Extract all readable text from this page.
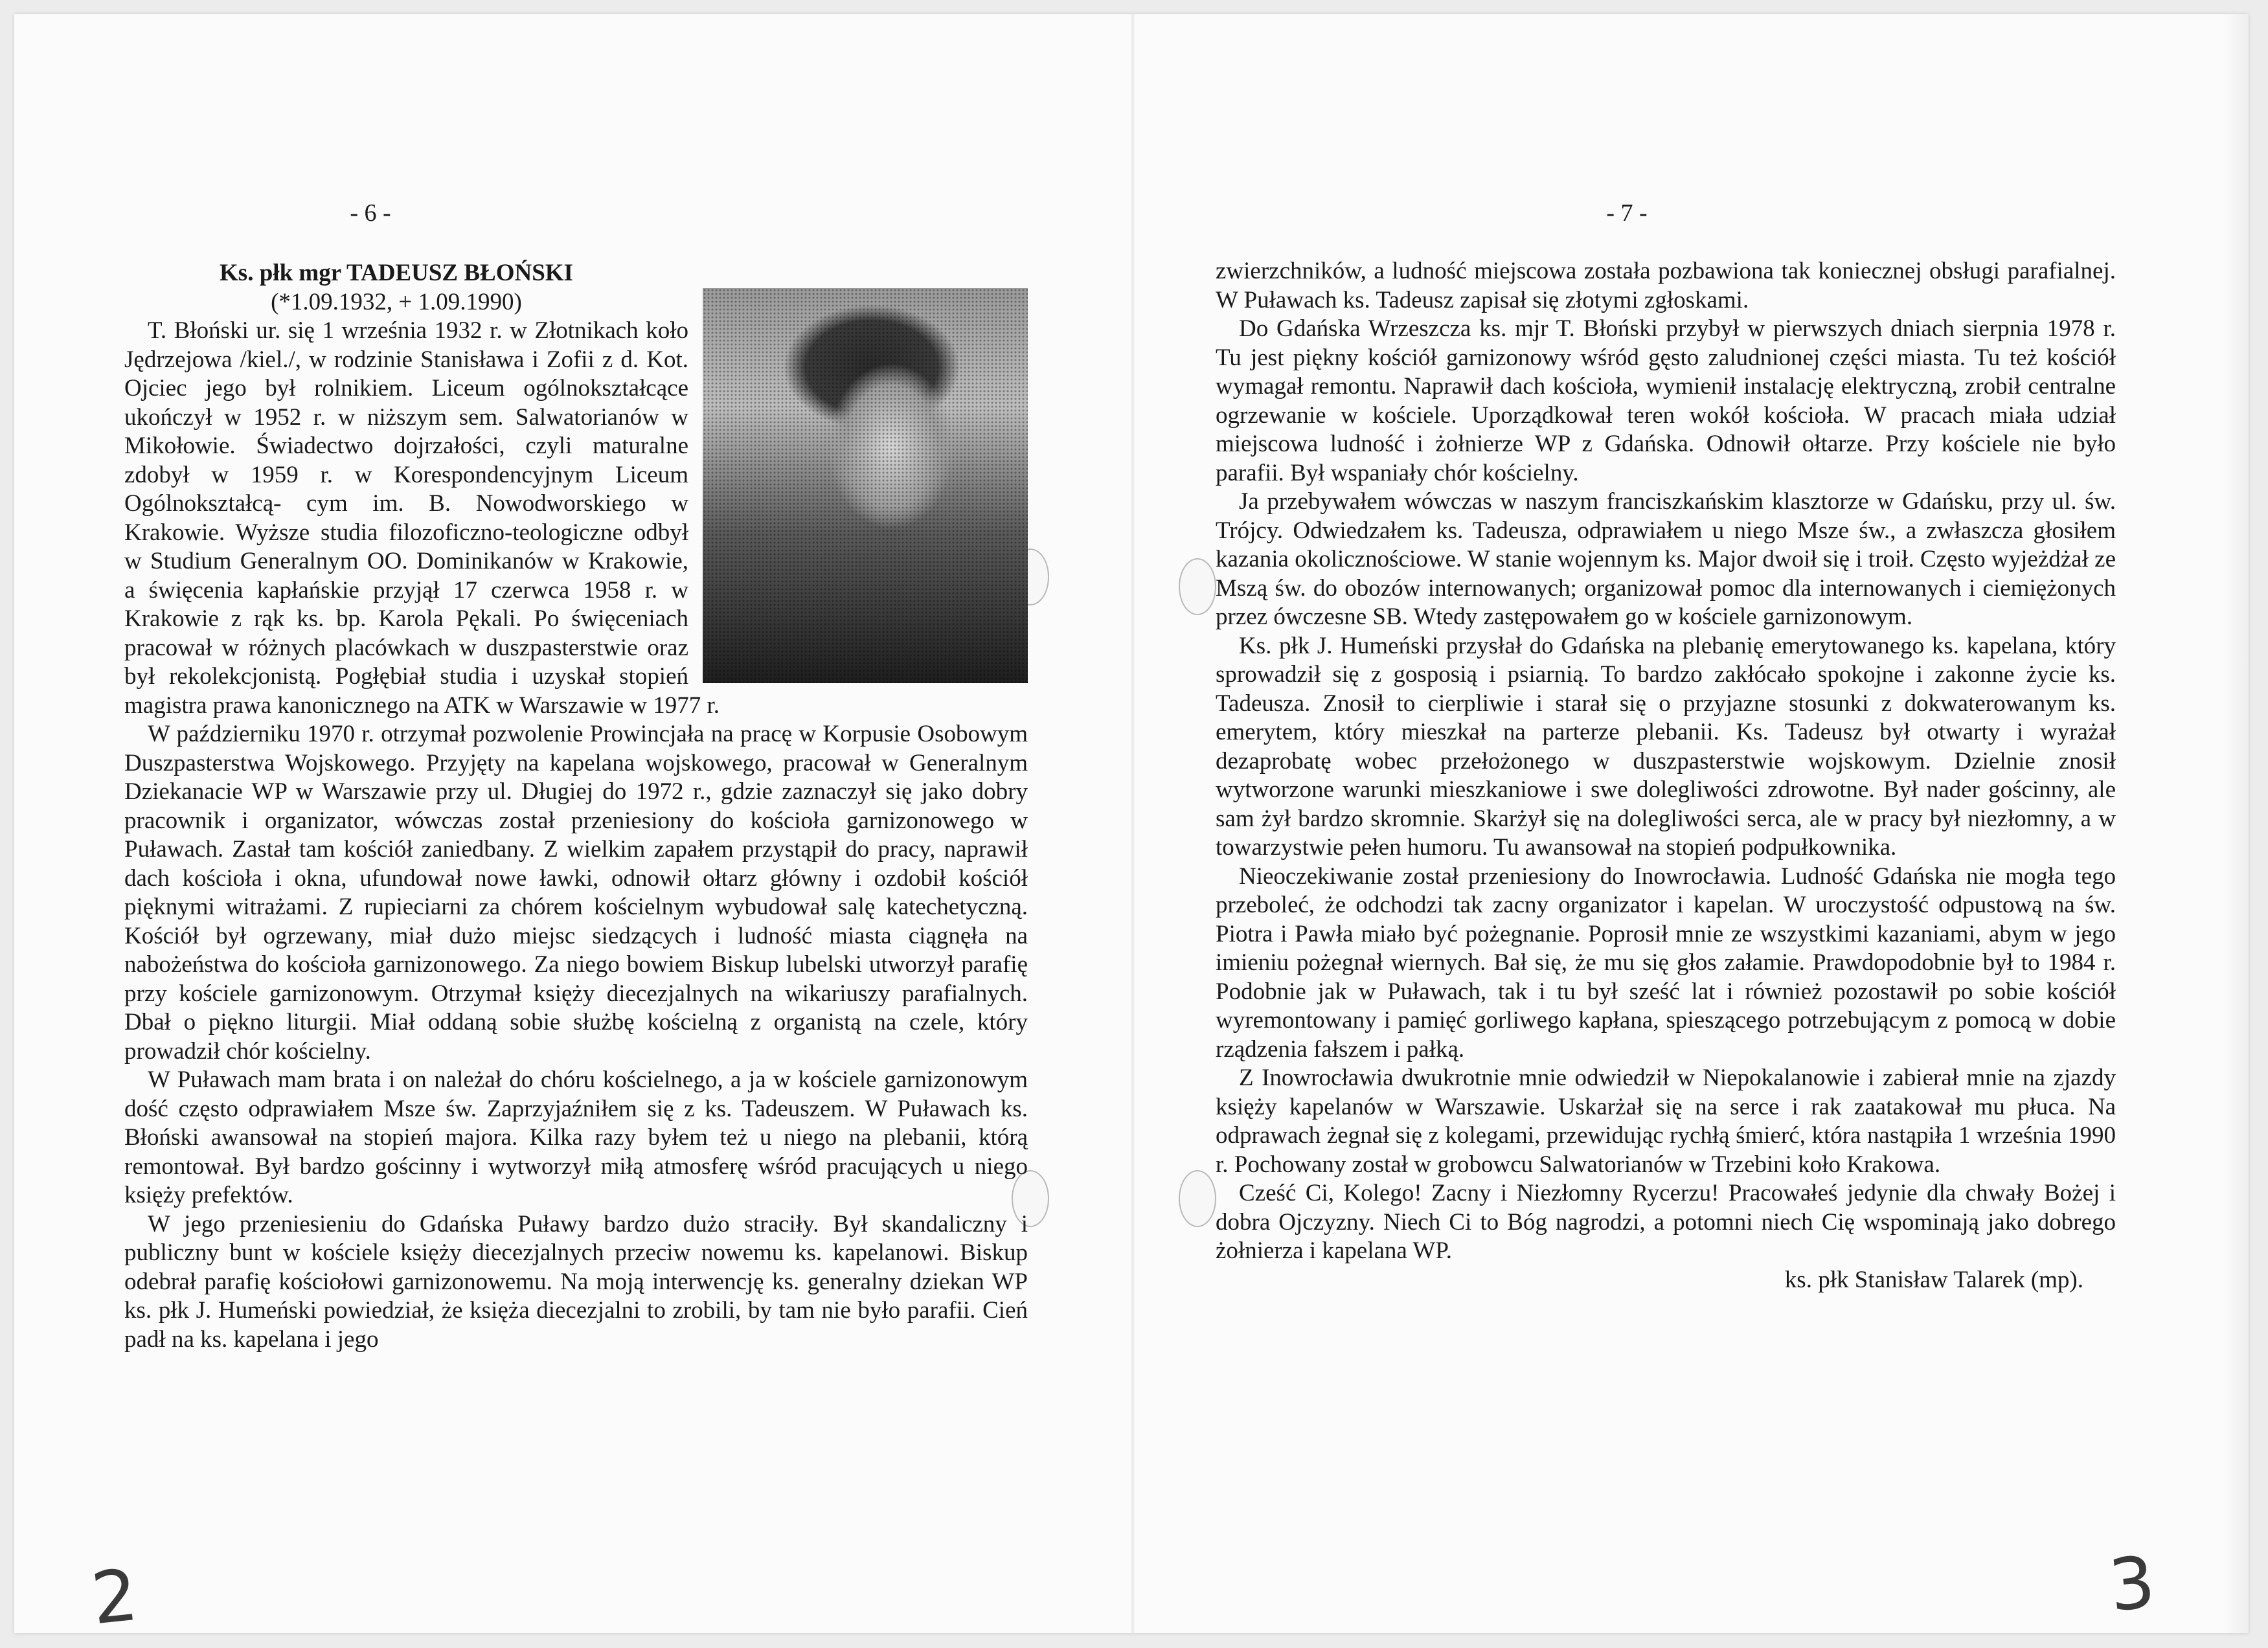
- 6 -

Ks. płk mgr TADEUSZ BŁOŃSKI

(*1.09.1932, + 1.09.1990)

T. Błoński ur. się 1 września 1932 r. w Złotnikach koło Jędrzejowa /kiel./, w rodzinie Stanisława i Zofii z d. Kot. Ojciec jego był rolnikiem. Liceum ogólnokształcące ukończył w 1952 r. w niższym sem. Salwatorianów w Mikołowie. Świadectwo dojrzałości, czyli maturalne zdobył w 1959 r. w Korespondencyjnym Liceum Ogólnokształcą- cym im. B. Nowodworskiego w Krakowie. Wyższe studia filozoficzno-teologiczne odbył w Studium Generalnym OO. Dominikanów w Krakowie, a święcenia kapłańskie przyjął 17 czerwca 1958 r. w Krakowie z rąk ks. bp. Karola Pękali. Po święceniach pracował w różnych placówkach w duszpasterstwie oraz był rekolekcjonistą. Pogłębiał studia i uzyskał stopień magistra prawa kanonicznego na ATK w Warszawie w 1977 r.

W październiku 1970 r. otrzymał pozwolenie Prowincjała na pracę w Korpusie Osobowym Duszpasterstwa Wojskowego. Przyjęty na kapelana wojskowego, pracował w Generalnym Dziekanacie WP w Warszawie przy ul. Długiej do 1972 r., gdzie zaznaczył się jako dobry pracownik i organizator, wówczas został przeniesiony do kościoła garnizonowego w Puławach. Zastał tam kościół zaniedbany. Z wielkim zapałem przystąpił do pracy, naprawił dach kościoła i okna, ufundował nowe ławki, odnowił ołtarz główny i ozdobił kościół pięknymi witrażami. Z rupieciarni za chórem kościelnym wybudował salę katechetyczną. Kościół był ogrzewany, miał dużo miejsc siedzących i ludność miasta ciągnęła na nabożeństwa do kościoła garnizonowego. Za niego bowiem Biskup lubelski utworzył parafię przy kościele garnizonowym. Otrzymał księży diecezjalnych na wikariuszy parafialnych. Dbał o piękno liturgii. Miał oddaną sobie służbę kościelną z organistą na czele, który prowadził chór kościelny.

W Puławach mam brata i on należał do chóru kościelnego, a ja w kościele garnizonowym dość często odprawiałem Msze św. Zaprzyjaźniłem się z ks. Tadeuszem. W Puławach ks. Błoński awansował na stopień majora. Kilka razy byłem też u niego na plebanii, którą remontował. Był bardzo gościnny i wytworzył miłą atmosferę wśród pracujących u niego księży prefektów.

W jego przeniesieniu do Gdańska Puławy bardzo dużo straciły. Był skandaliczny i publiczny bunt w kościele księży diecezjalnych przeciw nowemu ks. kapelanowi. Biskup odebrał parafię kościołowi garnizonowemu. Na moją interwencję ks. generalny dziekan WP ks. płk J. Humeński powiedział, że księża diecezjalni to zrobili, by tam nie było parafii. Cień padł na ks. kapelana i jego

2
- 7 -

zwierzchników, a ludność miejscowa została pozbawiona tak koniecznej obsługi parafialnej. W Puławach ks. Tadeusz zapisał się złotymi zgłoskami.

Do Gdańska Wrzeszcza ks. mjr T. Błoński przybył w pierwszych dniach sierpnia 1978 r. Tu jest piękny kościół garnizonowy wśród gęsto zaludnionej części miasta. Tu też kościół wymagał remontu. Naprawił dach kościoła, wymienił instalację elektryczną, zrobił centralne ogrzewanie w kościele. Uporządkował teren wokół kościoła. W pracach miała udział miejscowa ludność i żołnierze WP z Gdańska. Odnowił ołtarze. Przy kościele nie było parafii. Był wspaniały chór kościelny.

Ja przebywałem wówczas w naszym franciszkańskim klasztorze w Gdańsku, przy ul. św. Trójcy. Odwiedzałem ks. Tadeusza, odprawiałem u niego Msze św., a zwłaszcza głosiłem kazania okolicznościowe. W stanie wojennym ks. Major dwoił się i troił. Często wyjeżdżał ze Mszą św. do obozów internowanych; organizował pomoc dla internowanych i ciemiężonych przez ówczesne SB. Wtedy zastępowałem go w kościele garnizonowym.

Ks. płk J. Humeński przysłał do Gdańska na plebanię emerytowanego ks. kapelana, który sprowadził się z gosposią i psiarnią. To bardzo zakłócało spokojne i zakonne życie ks. Tadeusza. Znosił to cierpliwie i starał się o przyjazne stosunki z dokwaterowanym ks. emerytem, który mieszkał na parterze plebanii. Ks. Tadeusz był otwarty i wyrażał dezaprobatę wobec przełożonego w duszpasterstwie wojskowym. Dzielnie znosił wytworzone warunki mieszkaniowe i swe dolegliwości zdrowotne. Był nader gościnny, ale sam żył bardzo skromnie. Skarżył się na dolegliwości serca, ale w pracy był niezłomny, a w towarzystwie pełen humoru. Tu awansował na stopień podpułkownika.

Nieoczekiwanie został przeniesiony do Inowrocławia. Ludność Gdańska nie mogła tego przeboleć, że odchodzi tak zacny organizator i kapelan. W uroczystość odpustową na św. Piotra i Pawła miało być pożegnanie. Poprosił mnie ze wszystkimi kazaniami, abym w jego imieniu pożegnał wiernych. Bał się, że mu się głos załamie. Prawdopodobnie był to 1984 r. Podobnie jak w Puławach, tak i tu był sześć lat i również pozostawił po sobie kościół wyremontowany i pamięć gorliwego kapłana, spieszącego potrzebującym z pomocą w dobie rządzenia fałszem i pałką.

Z Inowrocławia dwukrotnie mnie odwiedził w Niepokalanowie i zabierał mnie na zjazdy księży kapelanów w Warszawie. Uskarżał się na serce i rak zaatakował mu płuca. Na odprawach żegnał się z kolegami, przewidując rychłą śmierć, która nastąpiła 1 września 1990 r. Pochowany został w grobowcu Salwatorianów w Trzebini koło Krakowa.

Cześć Ci, Kolego! Zacny i Niezłomny Rycerzu! Pracowałeś jedynie dla chwały Bożej i dobra Ojczyzny. Niech Ci to Bóg nagrodzi, a potomni niech Cię wspominają jako dobrego żołnierza i kapelana WP.

ks. płk Stanisław Talarek (mp).

3
